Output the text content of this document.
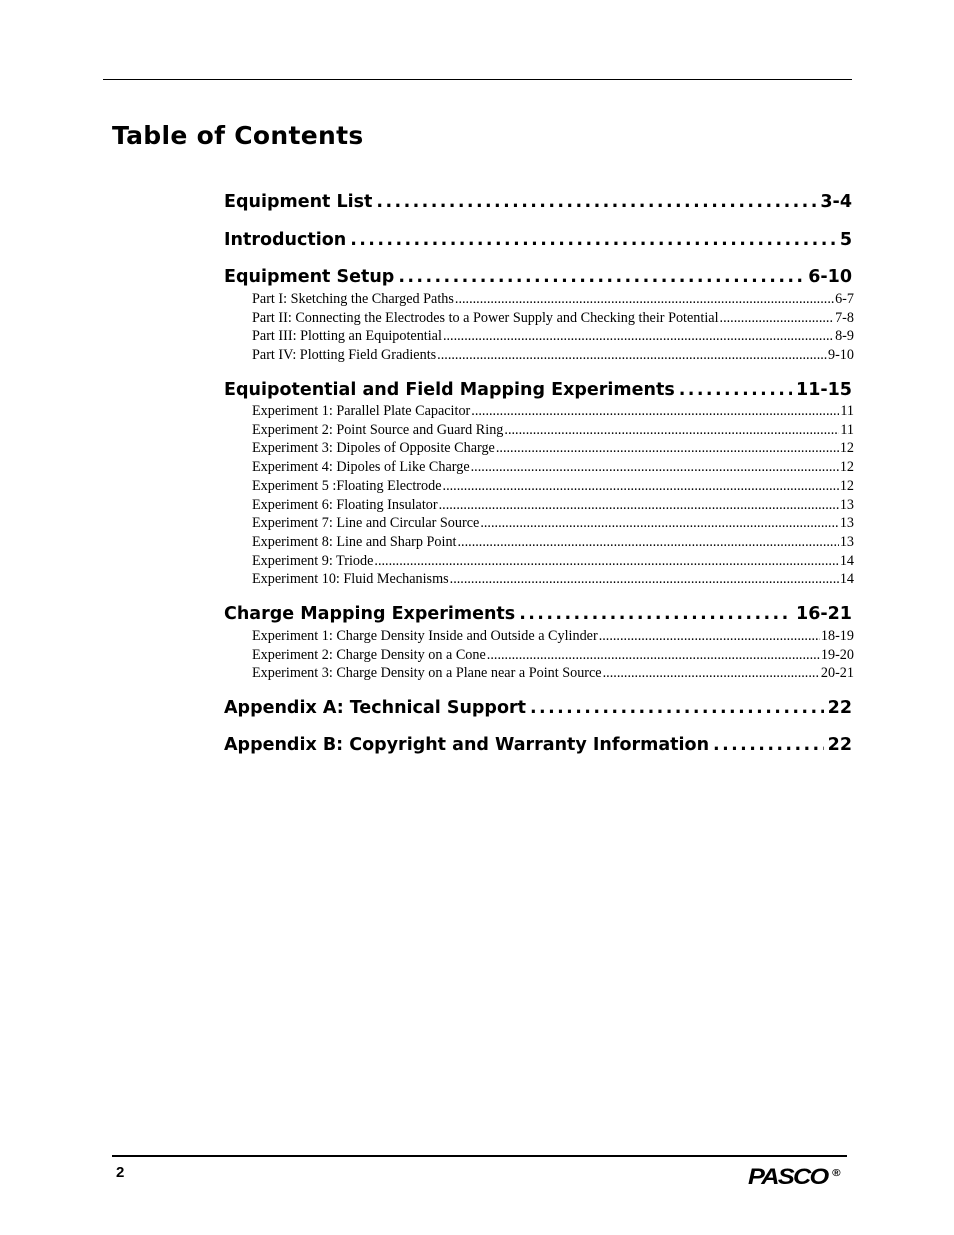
Table of Contents
Equipment List .....	3-4
Introduction .....	5
Equipment Setup .....	6-10
Part I: Sketching the Charged Paths .....	6-7
Part II: Connecting the Electrodes to a Power Supply and Checking their Potential .....	7-8
Part III: Plotting an Equipotential .....	8-9
Part IV: Plotting Field Gradients .....	9-10
Equipotential and Field Mapping Experiments .....	11-15
Experiment 1: Parallel Plate Capacitor .....	11
Experiment 2: Point Source and Guard Ring .....	11
Experiment 3: Dipoles of Opposite Charge .....	12
Experiment 4: Dipoles of Like Charge .....	12
Experiment 5 :Floating Electrode .....	12
Experiment 6: Floating Insulator .....	13
Experiment 7: Line and Circular Source .....	13
Experiment 8: Line and Sharp Point .....	13
Experiment 9: Triode .....	14
Experiment 10: Fluid Mechanisms .....	14
Charge Mapping Experiments .....	16-21
Experiment 1: Charge Density Inside and Outside a Cylinder .....	18-19
Experiment 2: Charge Density on a Cone .....	19-20
Experiment 3: Charge Density on a Plane near a Point Source .....	20-21
Appendix A: Technical Support .....	22
Appendix B: Copyright and Warranty Information .....	22
2	PASCO ®
